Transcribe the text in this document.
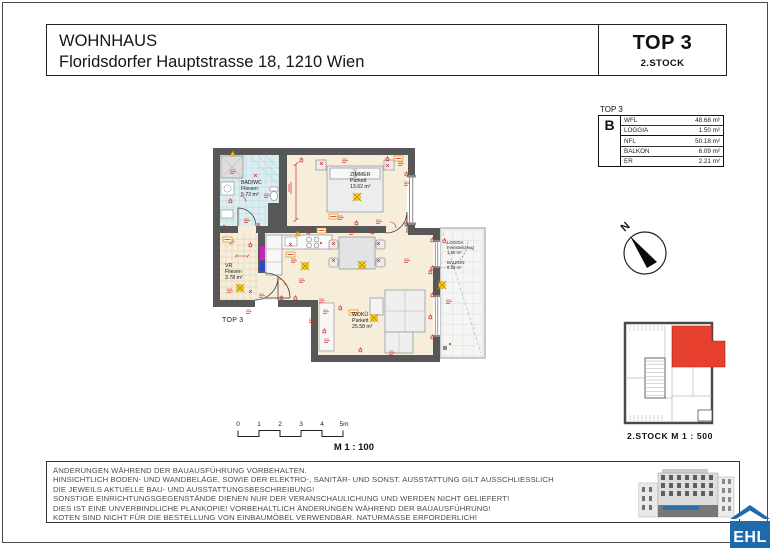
WOHNHAUS
Floridsdorfer Hauptstrasse 18, 1210 Wien
TOP 3
2.STOCK
TOP 3
B	WFL	48.68 m²
LOGGIA	1.50 m²
NFL	50.18 m²
BALKON	6.09 m²
ER	2.21 m²
N
BAD/WC
Fliesen
5.72 m²
ZIMMER
Parkett
13.62 m²
VR
Fliesen
3.78 m²
WOKÜ
Parkett
25.58 m²
LOGGIA
Feinsteinzeug
1.50 m²
BALKON
6.09 m²
TOP 3
0	1	2	3	4 5m
M 1 : 100
2.STOCK M 1 : 500
ÄNDERUNGEN WÄHREND DER BAUAUSFÜHRUNG VORBEHALTEN.
HINSICHTLICH BODEN- UND WANDBELÄGE, SOWIE DER ELEKTRO-, SANITÄR- UND SONST. AUSSTATTUNG GILT AUSSCHLIESSLICH
DIE JEWEILS AKTUELLE BAU- UND AUSSTATTUNGSBESCHREIBUNG!
SONSTIGE EINRICHTUNGSGEGENSTÄNDE DIENEN NUR DER VERANSCHAULICHUNG UND WERDEN NICHT GELIEFERT!
DIES IST EINE UNVERBINDLICHE PLANKOPIE! VORBEHALTLICH ÄNDERUNGEN WÄHREND DER BAUAUSFÜHRUNG!
KOTEN SIND NICHT FÜR DIE BESTELLUNG VON EINBAUMÖBEL VERWENDBAR. NATURMASSE ERFORDERLICH!
EHL
